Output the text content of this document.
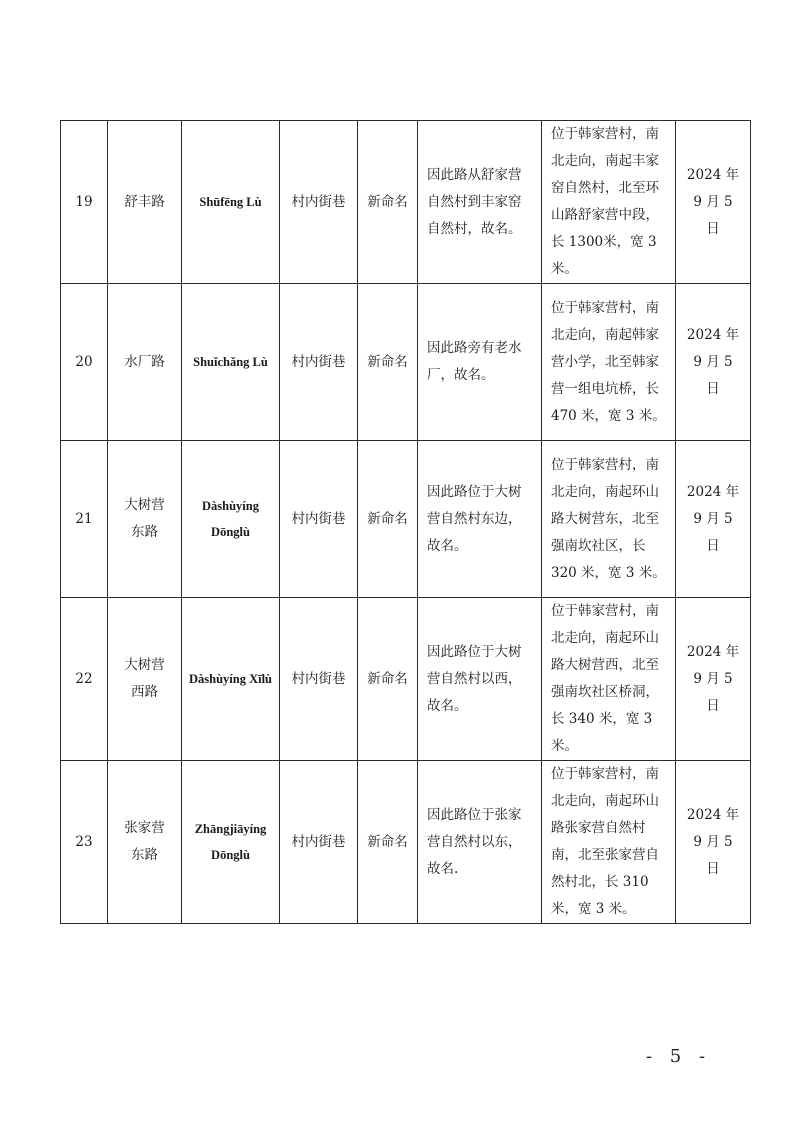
19	舒丰路	Shūfēng Lù	村内街巷	新命名	因此路从舒家营自然村到丰家窑自然村，故名。	位于韩家营村，南北走向，南起丰家窑自然村，北至环山路舒家营中段，长 1300米，宽 3 米。	2024 年 9 月 5 日
20	水厂路	Shuǐchǎng Lù	村内街巷	新命名	因此路旁有老水厂，故名。	位于韩家营村，南北走向，南起韩家营小学，北至韩家营一组电坑桥，长 470 米，宽 3 米。	2024 年 9 月 5 日
21	大树营东路	Dàshùyíng Dōnglù	村内街巷	新命名	因此路位于大树营自然村东边，故名。	位于韩家营村，南北走向，南起环山路大树营东，北至强南坎社区，长 320 米，宽 3 米。	2024 年 9 月 5 日
22	大树营西路	Dàshùyíng Xīlù	村内街巷	新命名	因此路位于大树营自然村以西，故名。	位于韩家营村，南北走向，南起环山路大树营西，北至强南坎社区桥洞，长 340 米，宽 3 米。	2024 年 9 月 5 日
23	张家营东路	Zhāngjiāyíng Dōnglù	村内街巷	新命名	因此路位于张家营自然村以东，故名.	位于韩家营村，南北走向，南起环山路张家营自然村南，北至张家营自然村北，长 310 米，宽 3 米。	2024 年 9 月 5 日
- 5 -
